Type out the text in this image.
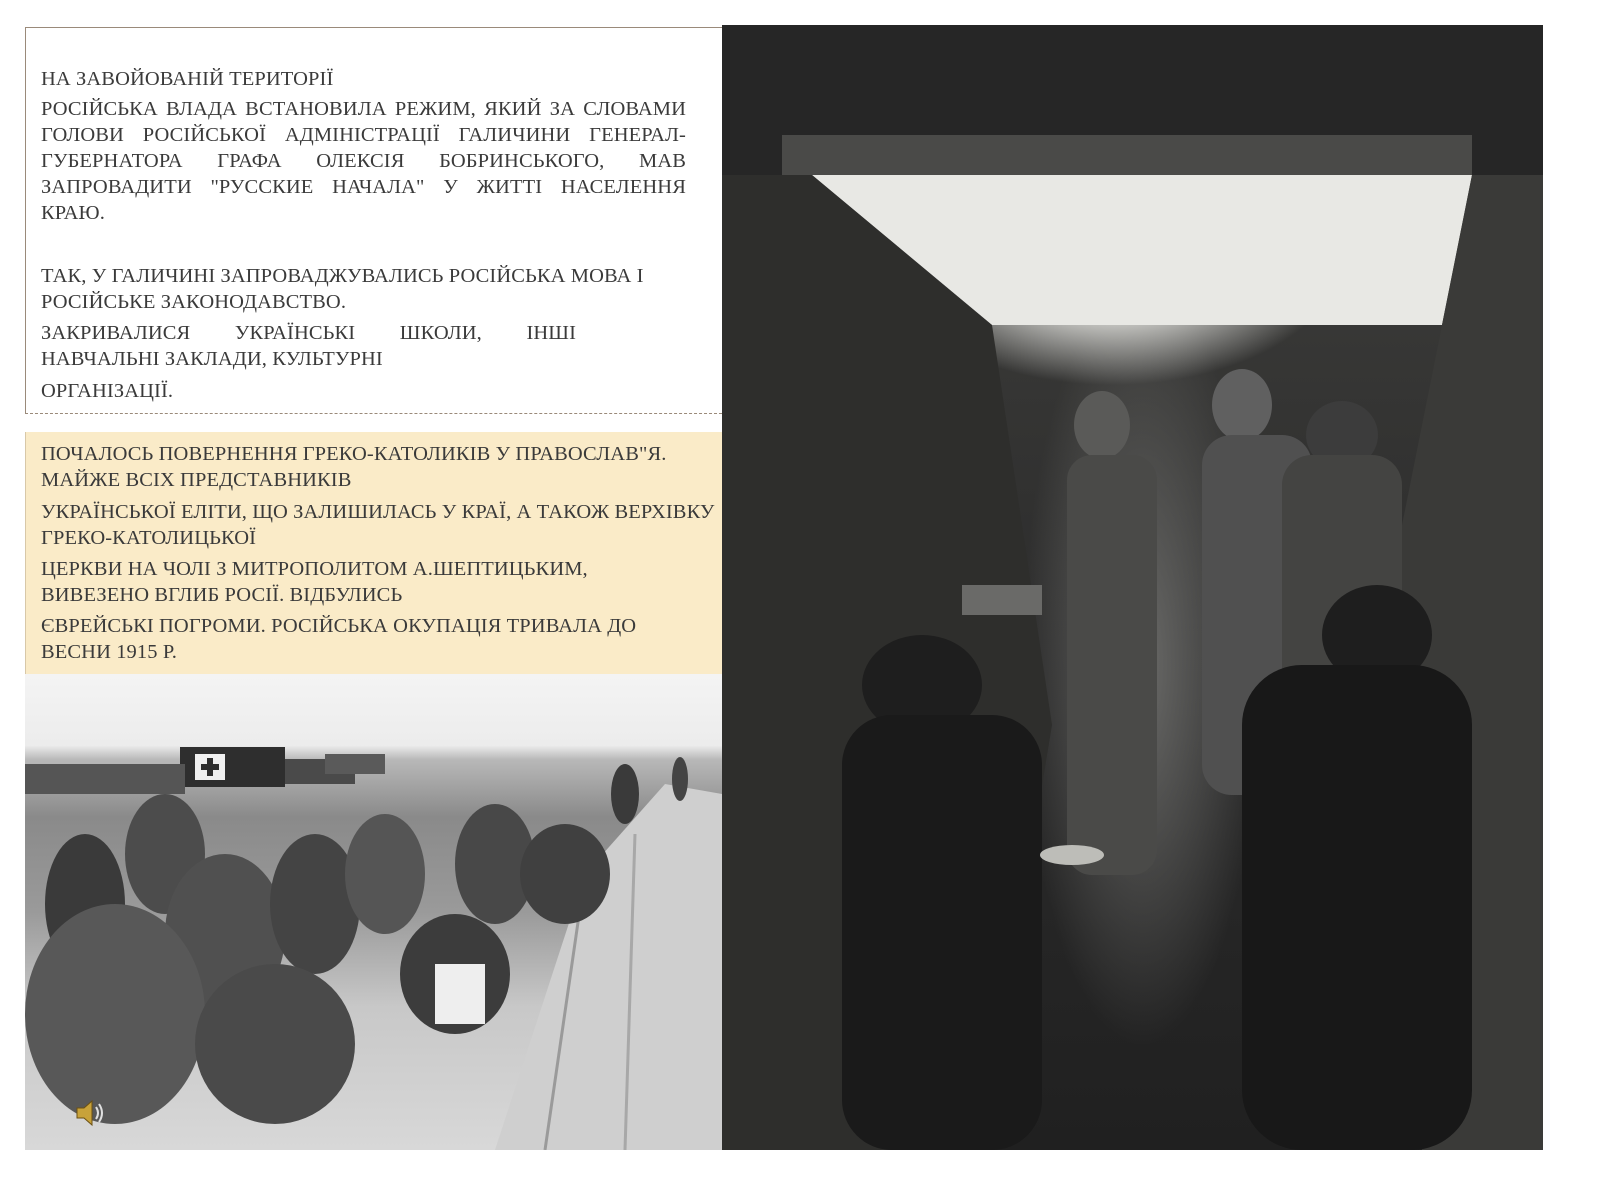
НА ЗАВОЙОВАНІЙ ТЕРИТОРІЇ

РОСІЙСЬКА ВЛАДА ВСТАНОВИЛА РЕЖИМ, ЯКИЙ ЗА СЛОВАМИ ГОЛОВИ РОСІЙСЬКОЇ АДМІНІСТРАЦІЇ ГАЛИЧИНИ ГЕНЕРАЛ-ГУБЕРНАТОРА ГРАФА ОЛЕКСІЯ БОБРИНСЬКОГО, МАВ ЗАПРОВАДИТИ "РУССКИЕ НАЧАЛА" У ЖИТТІ НАСЕЛЕННЯ КРАЮ.

ТАК, У ГАЛИЧИНІ ЗАПРОВАДЖУВАЛИСЬ РОСІЙСЬКА МОВА І РОСІЙСЬКЕ ЗАКОНОДАВСТВО.

ЗАКРИВАЛИСЯ УКРАЇНСЬКІ ШКОЛИ, ІНШІ НАВЧАЛЬНІ ЗАКЛАДИ, КУЛЬТУРНІ

ОРГАНІЗАЦІЇ.

ПОЧАЛОСЬ ПОВЕРНЕННЯ ГРЕКО-КАТОЛИКІВ У ПРАВОСЛАВ"Я. МАЙЖЕ ВСІХ ПРЕДСТАВНИКІВ

УКРАЇНСЬКОЇ ЕЛІТИ, ЩО ЗАЛИШИЛАСЬ У КРАЇ, А ТАКОЖ ВЕРХІВКУ ГРЕКО-КАТОЛИЦЬКОЇ

ЦЕРКВИ НА ЧОЛІ З МИТРОПОЛИТОМ А.ШЕПТИЦЬКИМ, ВИВЕЗЕНО ВГЛИБ РОСІЇ. ВІДБУЛИСЬ

ЄВРЕЙСЬКІ ПОГРОМИ. РОСІЙСЬКА ОКУПАЦІЯ ТРИВАЛА ДО ВЕСНИ 1915 Р.
